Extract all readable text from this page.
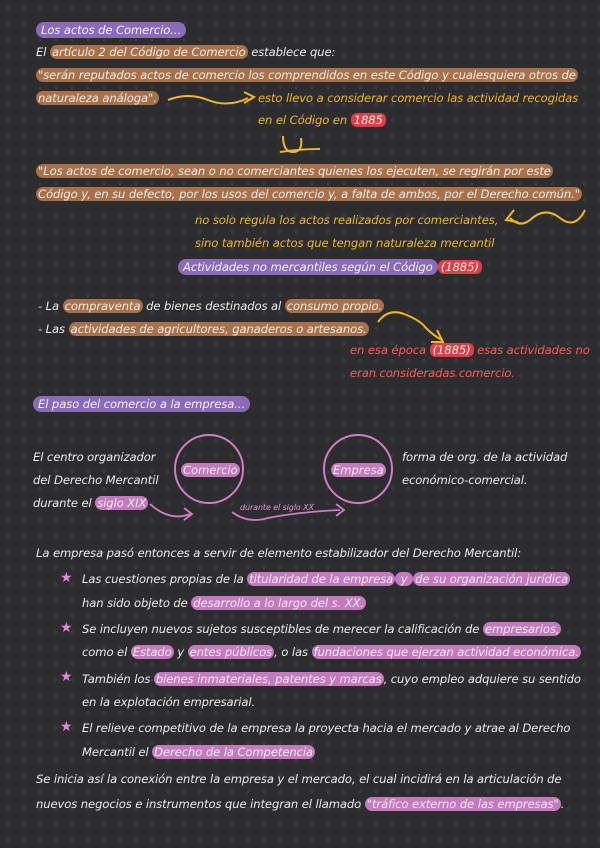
Los actos de Comercio...
El artículo 2 del Código de Comercio establece que:
"serán reputados actos de comercio los comprendidos en este Código y cualesquiera otros de
naturaleza análoga".	esto llevo a considerar comercio las actividad recogidas
en el Código en 1885
"Los actos de comercio, sean o no comerciantes quienes los ejecuten, se regirán por este
Código y, en su defecto, por los usos del comercio y, a falta de ambos, por el Derecho común."
no solo regula los actos realizados por comerciantes,
sino también actos que tengan naturaleza mercantil
Actividades no mercantiles según el Código (1885)
- La compraventa de bienes destinados al consumo propio.
- Las actividades de agricultores, ganaderos o artesanos.
en esa época (1885) esas actividades no
eran consideradas comercio.
El paso del comercio a la empresa...
El centro organizador
del Derecho Mercantil
durante el siglo XIX
Comercio	Empresa
durante el siglo XX
forma de org. de la actividad
económico-comercial.
La empresa pasó entonces a servir de elemento estabilizador del Derecho Mercantil:
★ Las cuestiones propias de la titularidad de la empresa y de su organización jurídica
han sido objeto de desarrollo a lo largo del s. XX.
★ Se incluyen nuevos sujetos susceptibles de merecer la calificación de empresarios,
como el Estado y entes públicos , o las fundaciones que ejerzan actividad económica.
★ También los bienes inmateriales, patentes y marcas , cuyo empleo adquiere su sentido
en la explotación empresarial.
★ El relieve competitivo de la empresa la proyecta hacia el mercado y atrae al Derecho
Mercantil el Derecho de la Competencia
Se inicia así la conexión entre la empresa y el mercado, el cual incidirá en la articulación de
nuevos negocios e instrumentos que integran el llamado "tráfico externo de las empresas" .
